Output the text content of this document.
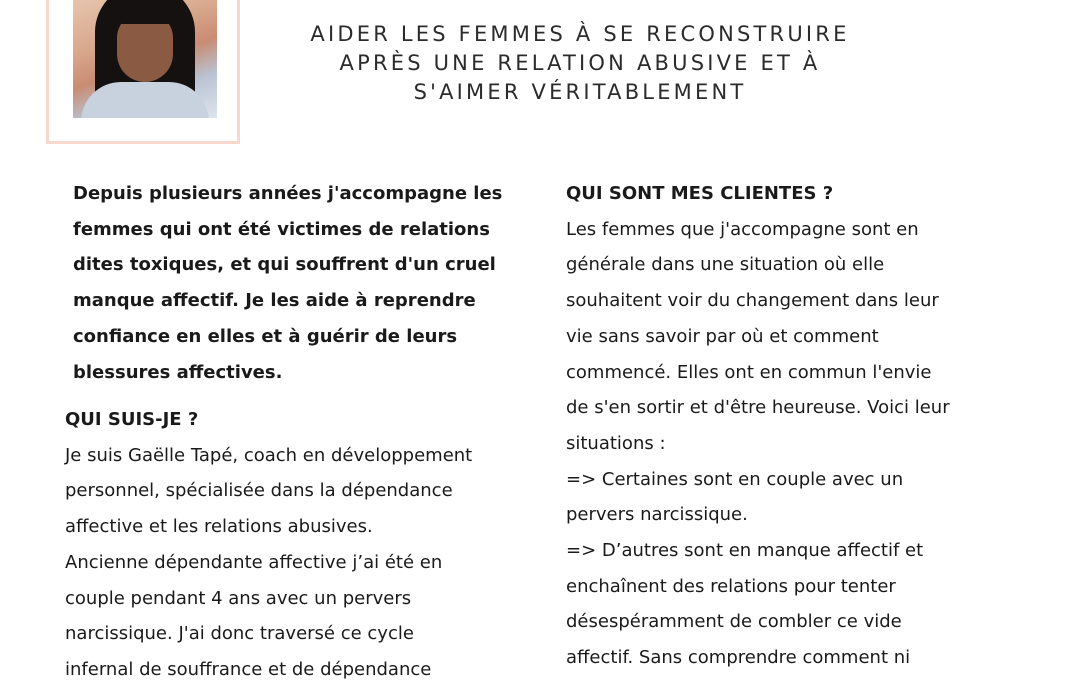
AIDER LES FEMMES À SE RECONSTRUIRE
APRÈS UNE RELATION ABUSIVE ET À
S'AIMER VÉRITABLEMENT
Depuis plusieurs années j'accompagne les
femmes qui ont été victimes de relations
dites toxiques, et qui souffrent d'un cruel
manque affectif. Je les aide à reprendre
confiance en elles et à guérir de leurs
blessures affectives.
QUI SUIS-JE ?
Je suis Gaëlle Tapé, coach en développement
personnel, spécialisée dans la dépendance
affective et les relations abusives.
Ancienne dépendante affective j’ai été en
couple pendant 4 ans avec un pervers
narcissique. J'ai donc traversé ce cycle
infernal de souffrance et de dépendance
QUI SONT MES CLIENTES ?
Les femmes que j'accompagne sont en
générale dans une situation où elle
souhaitent voir du changement dans leur
vie sans savoir par où et comment
commencé. Elles ont en commun l'envie
de s'en sortir et d'être heureuse. Voici leur
situations :
=> Certaines sont en couple avec un
pervers narcissique.
=> D’autres sont en manque affectif et
enchaînent des relations pour tenter
désespéramment de combler ce vide
affectif. Sans comprendre comment ni
